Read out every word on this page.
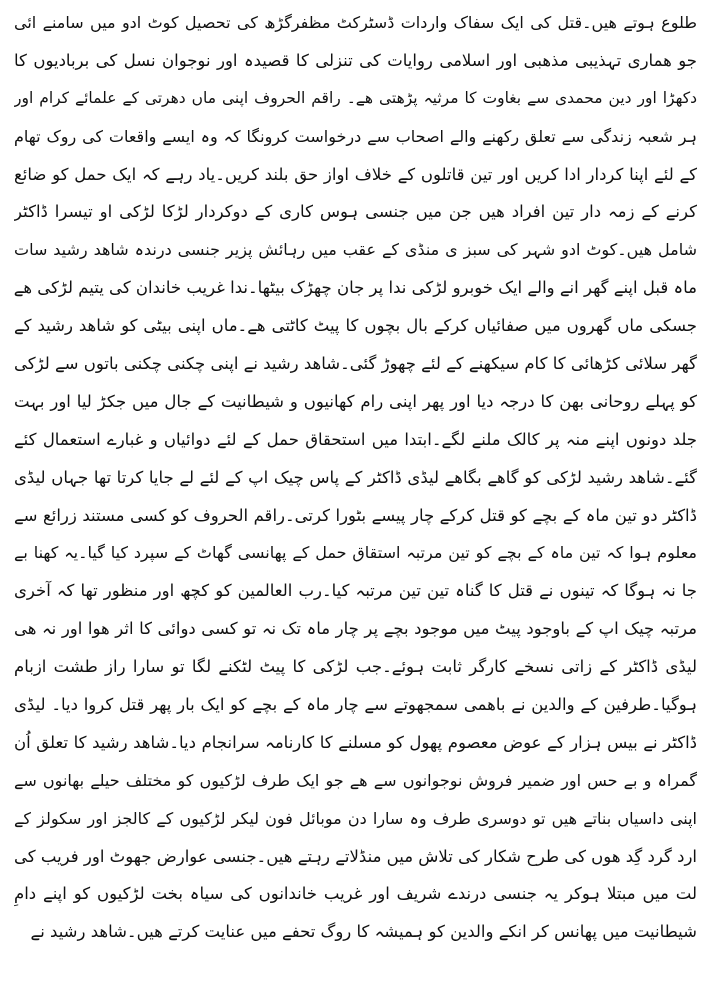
طلوع ہوتے ھیں۔قتل کی ایک سفاک واردات ڈسٹرکٹ مظفرگڑھ کی تحصیل کوٹ ادو میں سامنے ائی
جو ھماری تہذیبی مذھبی اور اسلامی روایات کی تنزلی کا قصیدہ اور نوجوان نسل کی بربادیوں کا
دکھڑا اور دین محمدی سے بغاوت کا مرثیہ پڑھتی ھے۔ راقم الحروف اپنی ماں دھرتی کے علمائے کرام اور
ہر شعبہ زندگی سے تعلق رکھنے والے اصحاب سے درخواست کرونگا کہ وہ ایسے واقعات کی روک تھام
کے لئے اپنا کردار ادا کریں اور تین قاتلوں کے خلاف اواز حق بلند کریں۔یاد رہے کہ ایک حمل کو ضائع
کرنے کے زمہ دار تین افراد ھیں جن میں جنسی ہوس کاری کے دوکردار لڑکا لڑکی او تیسرا ڈاکٹر
شامل ھیں۔کوٹ ادو شہر کی سبز ی منڈی کے عقب میں رہائش پزیر جنسی درندہ شاھد رشید سات
ماہ قبل اپنے گھر انے والے ایک خوبرو لڑکی ندا پر جان چھڑک بیٹھا۔ندا غریب خاندان کی یتیم لڑکی ھے
جسکی ماں گھروں میں صفائیاں کرکے بال بچوں کا پیٹ کاٹتی ھے۔ماں اپنی بیٹی کو شاھد رشید کے
گھر سلائی کڑھائی کا کام سیکھنے کے لئے چھوڑ گئی۔شاھد رشید نے اپنی چکنی چکنی باتوں سے لڑکی
کو پہلے روحانی بھن کا درجہ دیا اور پھر اپنی رام کھانیوں و شیطانیت کے جال میں جکڑ لیا اور بہت
جلد دونوں اپنے منہ پر کالک ملنے لگے۔ابتدا میں استحقاق حمل کے لئے دوائیاں و غبارے استعمال کئے
گئے۔شاھد رشید لڑکی کو گاھے بگاھے لیڈی ڈاکٹر کے پاس چیک اپ کے لئے لے جایا کرتا تھا جہاں لیڈی
ڈاکٹر دو تین ماہ کے بچے کو قتل کرکے چار پیسے بٹورا کرتی۔راقم الحروف کو کسی مستند زرائع سے
معلوم ہوا کہ تین ماہ کے بچے کو تین مرتبہ استقاق حمل کے پھانسی گھاٹ کے سپرد کیا گیا۔یہ کھنا بے
جا نہ ہوگا کہ تینوں نے قتل کا گناہ تین تین مرتبہ کیا۔رب العالمین کو کچھ اور منظور تھا کہ آخری
مرتبہ چیک اپ کے باوجود پیٹ میں موجود بچے پر چار ماہ تک نہ تو کسی دوائی کا اثر ھوا اور نہ ھی
لیڈی ڈاکٹر کے زاتی نسخے کارگر ثابت ہوئے۔جب لڑکی کا پیٹ لٹکنے لگا تو سارا راز طشت ازبام
ہوگیا۔طرفین کے والدین نے باھمی سمجھوتے سے چار ماہ کے بچے کو ایک بار پھر قتل کروا دیا۔ لیڈی
ڈاکٹر نے بیس ہزار کے عوض معصوم پھول کو مسلنے کا کارنامہ سرانجام دیا۔شاھد رشید کا تعلق اُن
گمراہ و بے حس اور ضمیر فروش نوجوانوں سے ھے جو ایک طرف لڑکیوں کو مختلف حیلے بھانوں سے
اپنی داسیاں بناتے ھیں تو دوسری طرف وہ سارا دن موبائل فون لیکر لڑکیوں کے کالجز اور سکولز کے
ارد گرد گِد ھوں کی طرح شکار کی تلاش میں منڈلاتے رہتے ھیں۔جنسی عوارض جھوٹ اور فریب کی
لت میں مبتلا ہوکر یہ جنسی درندے شریف اور غریب خاندانوں کی سیاہ بخت لڑکیوں کو اپنے دامِ
شیطانیت میں پھانس کر انکے والدین کو ہمیشہ کا روگ تحفے میں عنایت کرتے ھیں۔شاھد رشید نے
